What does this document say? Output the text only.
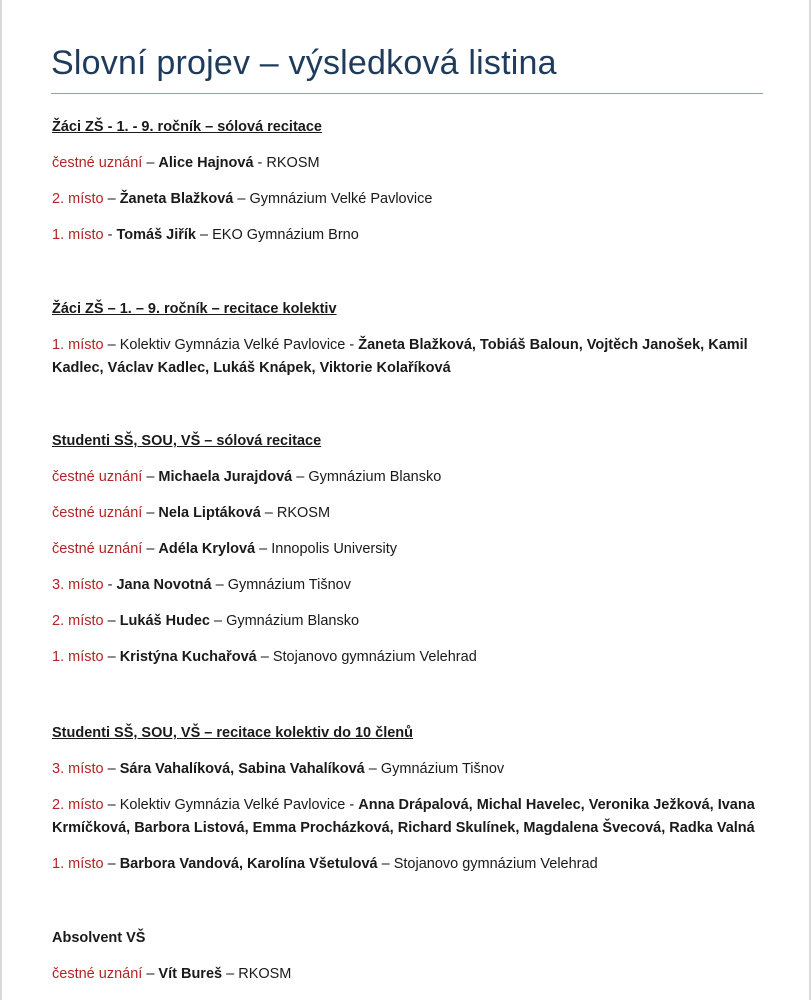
Slovní projev – výsledková listina

Žáci ZŠ - 1. - 9. ročník – sólová recitace

čestné uznání – Alice Hajnová - RKOSM

2. místo – Žaneta Blažková – Gymnázium Velké Pavlovice

1. místo - Tomáš Jiřík – EKO Gymnázium Brno

Žáci ZŠ – 1. – 9. ročník – recitace kolektiv

1. místo – Kolektiv Gymnázia Velké Pavlovice - Žaneta Blažková, Tobiáš Baloun, Vojtěch Janošek, Kamil Kadlec, Václav Kadlec, Lukáš Knápek, Viktorie Kolaříková

Studenti SŠ, SOU, VŠ – sólová recitace

čestné uznání – Michaela Jurajdová – Gymnázium Blansko

čestné uznání – Nela Liptáková – RKOSM

čestné uznání – Adéla Krylová – Innopolis University

3. místo - Jana Novotná – Gymnázium Tišnov

2. místo – Lukáš Hudec – Gymnázium Blansko

1. místo – Kristýna Kuchařová – Stojanovo gymnázium Velehrad

Studenti SŠ, SOU, VŠ – recitace kolektiv do 10 členů

3. místo – Sára Vahalíková, Sabina Vahalíková – Gymnázium Tišnov

2. místo – Kolektiv Gymnázia Velké Pavlovice - Anna Drápalová, Michal Havelec, Veronika Ježková, Ivana Krmíčková, Barbora Listová, Emma Procházková, Richard Skulínek, Magdalena Švecová, Radka Valná

1. místo – Barbora Vandová, Karolína Všetulová – Stojanovo gymnázium Velehrad

Absolvent VŠ

čestné uznání – Vít Bureš – RKOSM
